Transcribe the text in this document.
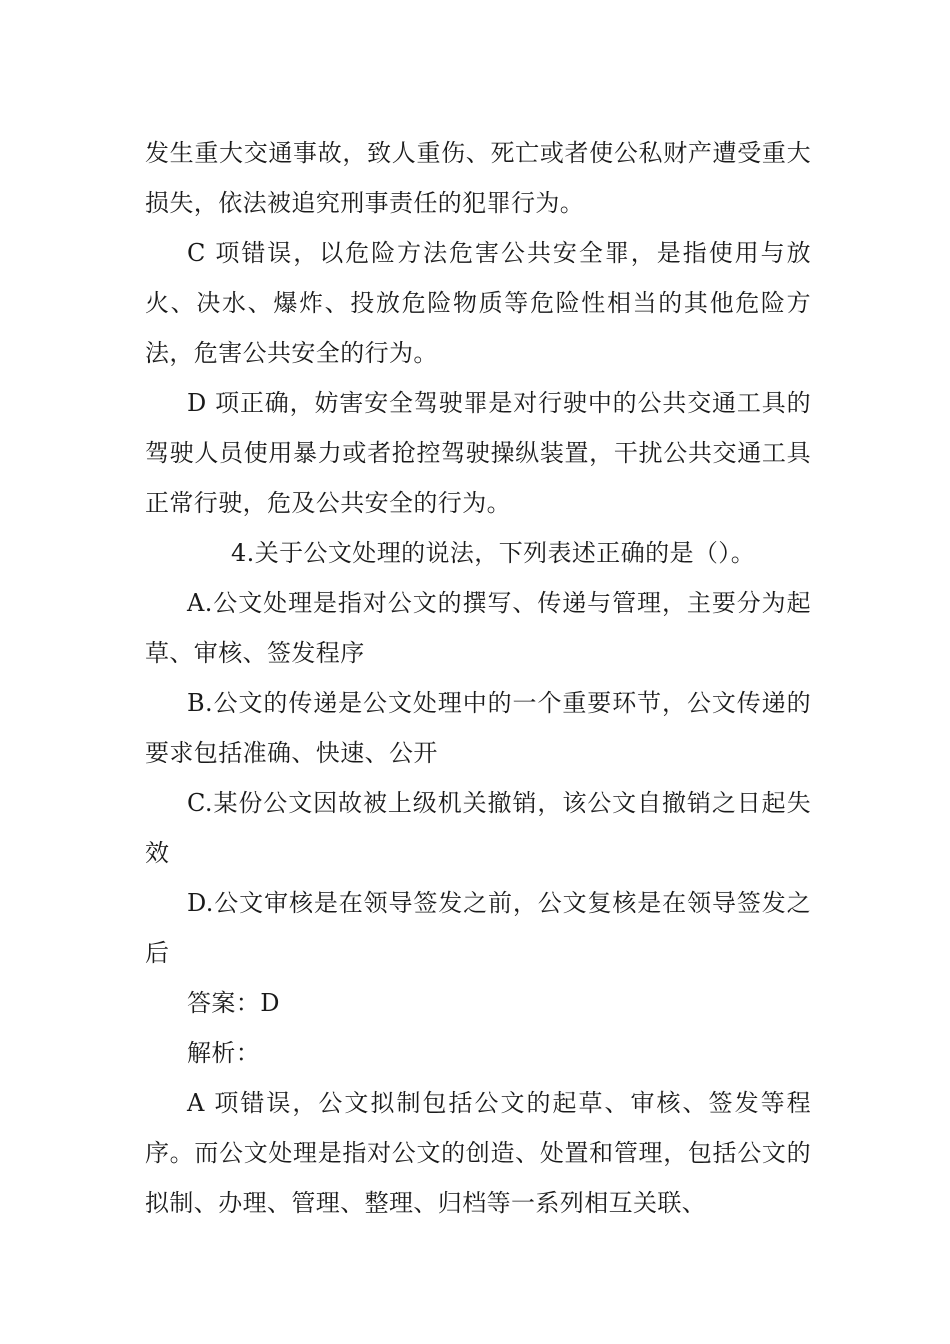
发生重大交通事故，致人重伤、死亡或者使公私财产遭受重大损失，依法被追究刑事责任的犯罪行为。

C 项错误，以危险方法危害公共安全罪，是指使用与放火、决水、爆炸、投放危险物质等危险性相当的其他危险方法，危害公共安全的行为。

D 项正确，妨害安全驾驶罪是对行驶中的公共交通工具的驾驶人员使用暴力或者抢控驾驶操纵装置，干扰公共交通工具正常行驶，危及公共安全的行为。

4.关于公文处理的说法，下列表述正确的是（）。

A.公文处理是指对公文的撰写、传递与管理，主要分为起草、审核、签发程序

B.公文的传递是公文处理中的一个重要环节，公文传递的要求包括准确、快速、公开

C.某份公文因故被上级机关撤销，该公文自撤销之日起失效

D.公文审核是在领导签发之前，公文复核是在领导签发之后

答案：D

解析：

A 项错误，公文拟制包括公文的起草、审核、签发等程序。而公文处理是指对公文的创造、处置和管理，包括公文的拟制、办理、管理、整理、归档等一系列相互关联、
